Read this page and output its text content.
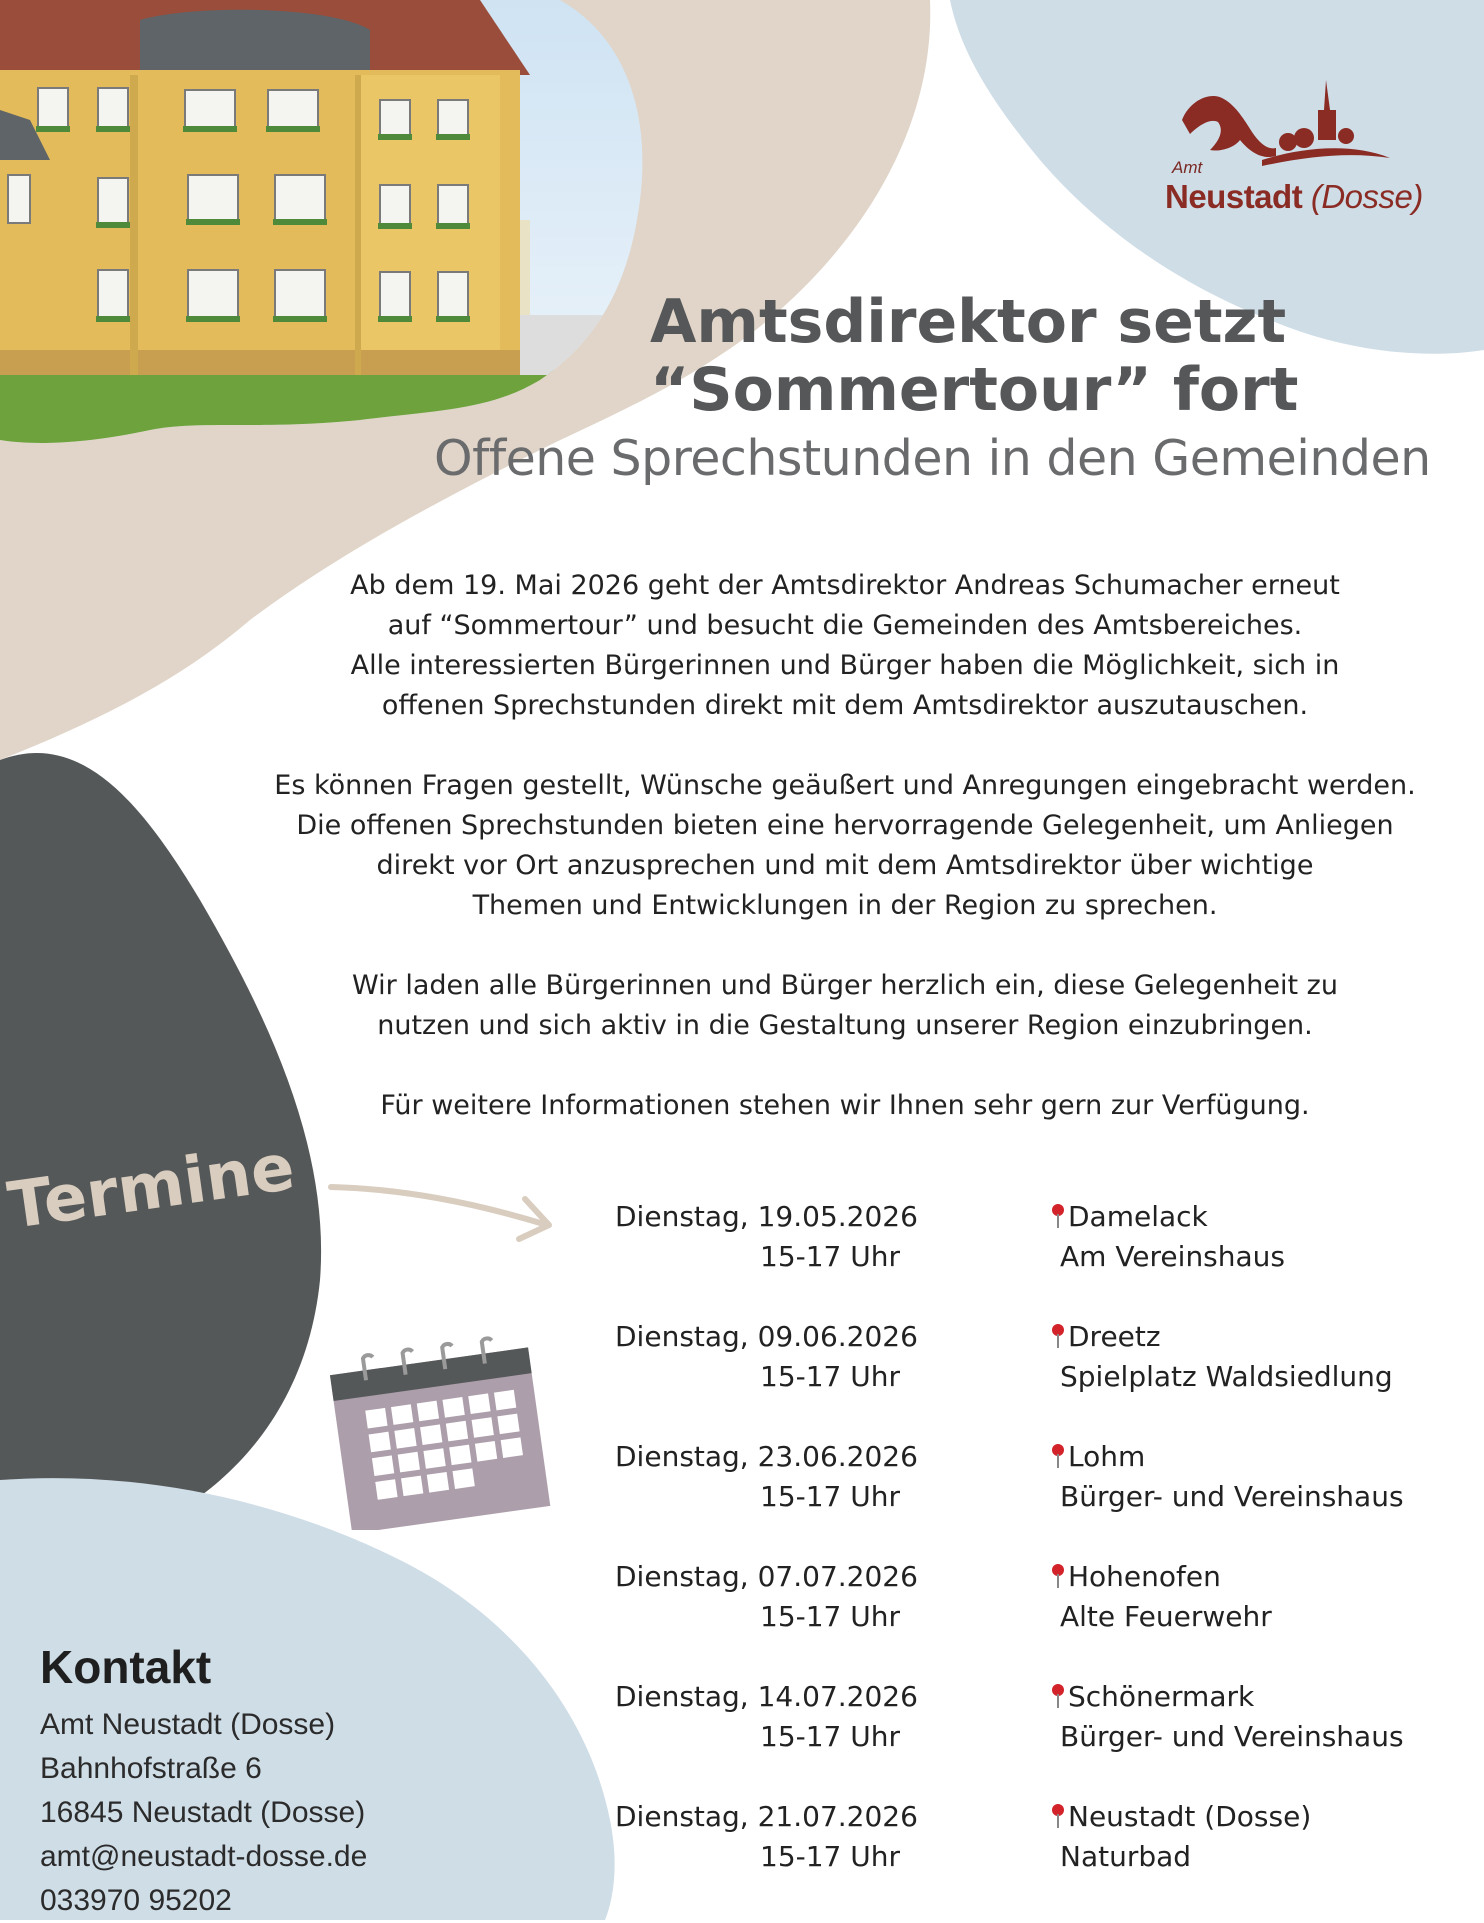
Amt
Neustadt (Dosse)
Amtsdirektor setzt
“Sommertour” fort
Offene Sprechstunden in den Gemeinden

Ab dem 19. Mai 2026 geht der Amtsdirektor Andreas Schumacher erneut
auf “Sommertour” und besucht die Gemeinden des Amtsbereiches.
Alle interessierten Bürgerinnen und Bürger haben die Möglichkeit, sich in
offenen Sprechstunden direkt mit dem Amtsdirektor auszutauschen.

Es können Fragen gestellt, Wünsche geäußert und Anregungen eingebracht werden.
Die offenen Sprechstunden bieten eine hervorragende Gelegenheit, um Anliegen
direkt vor Ort anzusprechen und mit dem Amtsdirektor über wichtige
Themen und Entwicklungen in der Region zu sprechen.

Wir laden alle Bürgerinnen und Bürger herzlich ein, diese Gelegenheit zu
nutzen und sich aktiv in die Gestaltung unserer Region einzubringen.

Für weitere Informationen stehen wir Ihnen sehr gern zur Verfügung.

Termine	Dienstag, 19.05.2026
15-17 Uhr
Damelack
Am Vereinshaus
Dienstag, 09.06.2026
15-17 Uhr
Dreetz
Spielplatz Waldsiedlung
Dienstag, 23.06.2026
15-17 Uhr
Lohm
Bürger- und Vereinshaus
Dienstag, 07.07.2026
15-17 Uhr
Hohenofen
Alte Feuerwehr
Dienstag, 14.07.2026
15-17 Uhr
Schönermark
Bürger- und Vereinshaus
Dienstag, 21.07.2026
15-17 Uhr
Neustadt (Dosse)
Naturbad
Kontakt
Amt Neustadt (Dosse)
Bahnhofstraße 6
16845 Neustadt (Dosse)
amt@neustadt-dosse.de
033970 95202
